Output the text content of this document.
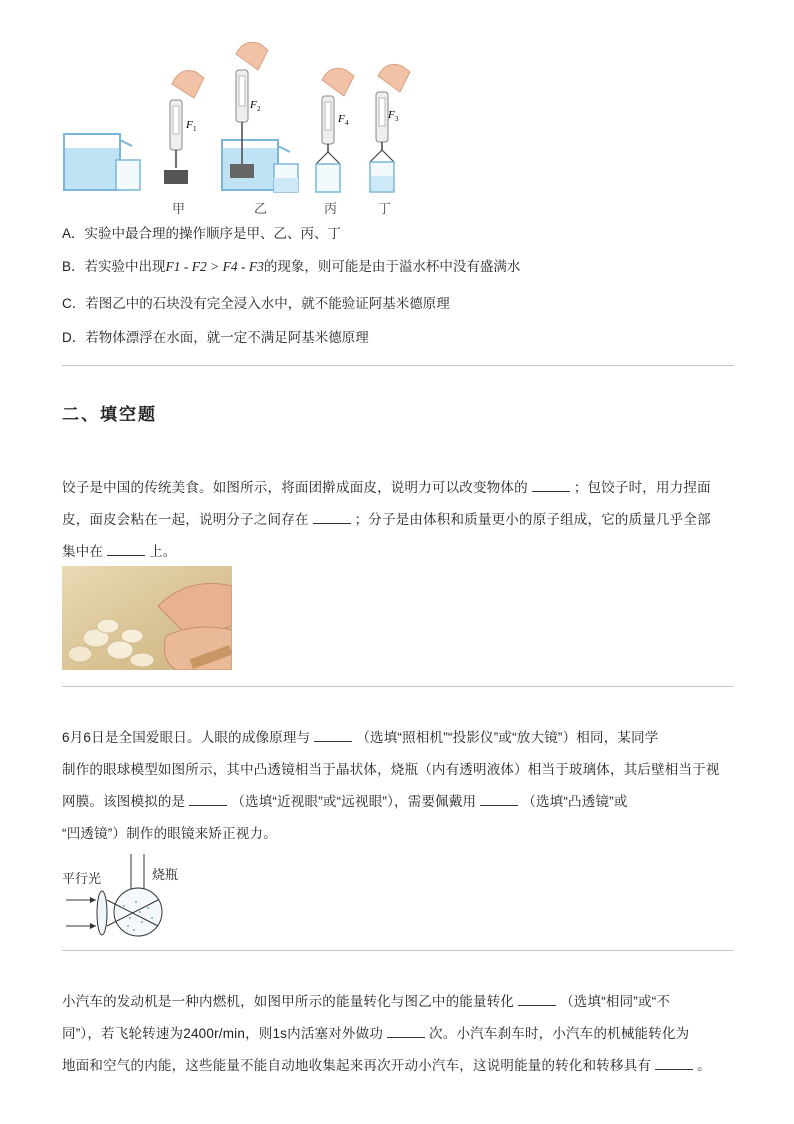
F 1
F 2
F 4
F 3
甲	乙	丙	丁
A．实验中最合理的操作顺序是甲、乙、丙、丁
B．若实验中出现F1 - F2 > F4 - F3的现象，则可能是由于溢水杯中没有盛满水
C．若图乙中的石块没有完全浸入水中，就不能验证阿基米德原理
D．若物体漂浮在水面，就一定不满足阿基米德原理
二、填空题
饺子是中国的传统美食。如图所示，将面团擀成面皮，说明力可以改变物体的	；包饺子时，用力捏面
皮，面皮会粘在一起，说明分子之间存在	；分子是由体积和质量更小的原子组成，它的质量几乎全部
集中在	上。
6月6日是全国爱眼日。人眼的成像原理与	（选填“照相机”“投影仪”或“放大镜”）相同，某同学
制作的眼球模型如图所示，其中凸透镜相当于晶状体，烧瓶（内有透明液体）相当于玻璃体，其后壁相当于视
网膜。该图模拟的是	（选填“近视眼”或“远视眼”），需要佩戴用	（选填“凸透镜”或
“凹透镜”）制作的眼镜来矫正视力。
平行光	烧瓶
小汽车的发动机是一种内燃机，如图甲所示的能量转化与图乙中的能量转化	（选填“相同”或“不
同”），若飞轮转速为2400r/min，则1s内活塞对外做功	次。小汽车刹车时，小汽车的机械能转化为
地面和空气的内能，这些能量不能自动地收集起来再次开动小汽车，这说明能量的转化和转移具有	。
